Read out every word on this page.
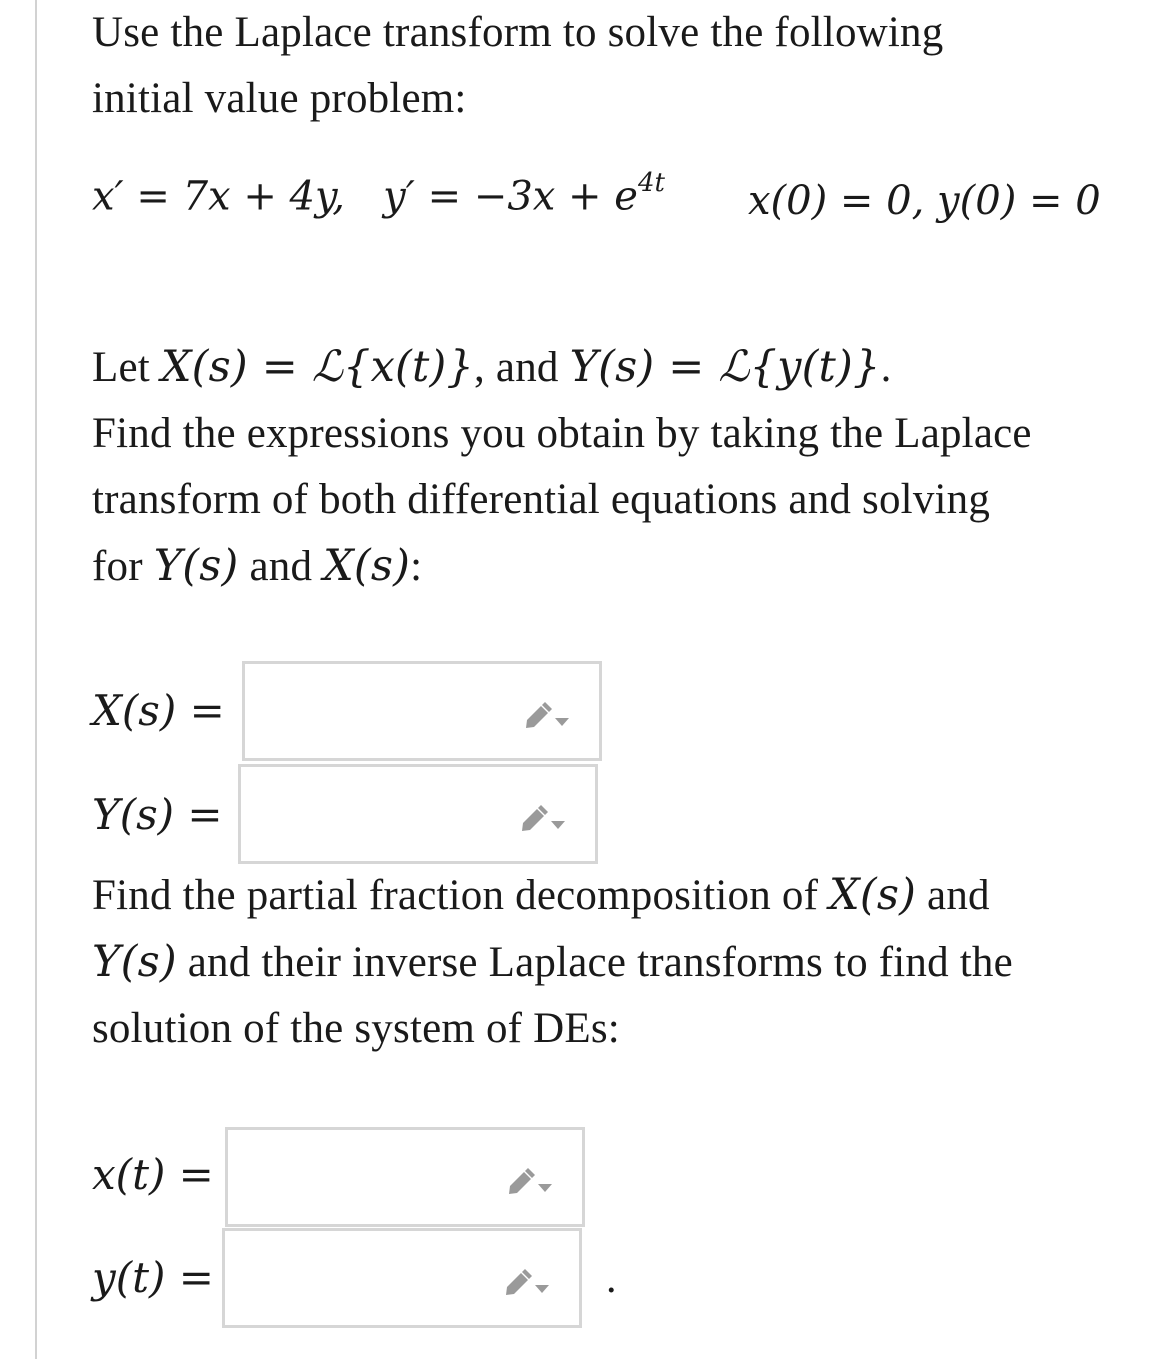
Use the Laplace transform to solve the following
initial value problem:

x′ = 7x + 4y, $y' = -3x + e^{4t}$ x(0) = 0, y(0) = 0

Let X(s) = ℒ{x(t)}, and Y(s) = ℒ{y(t)}.
Find the expressions you obtain by taking the Laplace
transform of both differential equations and solving
for Y(s) and X(s):

X(s) =
Y(s) =

Find the partial fraction decomposition of X(s) and
Y(s) and their inverse Laplace transforms to find the
solution of the system of DEs:

x(t) =
y(t) =	.
